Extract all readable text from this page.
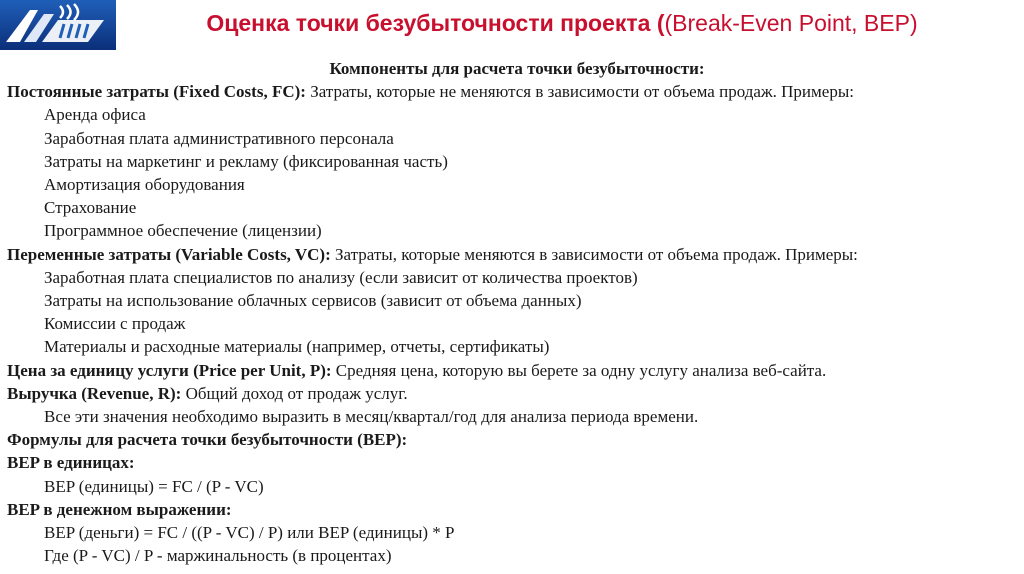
Оценка точки безубыточности проекта ((Break-Even Point, BEP)
Компоненты для расчета точки безубыточности:
Постоянные затраты (Fixed Costs, FC): Затраты, которые не меняются в зависимости от объема продаж. Примеры:
Аренда офиса
Заработная плата административного персонала
Затраты на маркетинг и рекламу (фиксированная часть)
Амортизация оборудования
Страхование
Программное обеспечение (лицензии)
Переменные затраты (Variable Costs, VC): Затраты, которые меняются в зависимости от объема продаж. Примеры:
Заработная плата специалистов по анализу (если зависит от количества проектов)
Затраты на использование облачных сервисов (зависит от объема данных)
Комиссии с продаж
Материалы и расходные материалы (например, отчеты, сертификаты)
Цена за единицу услуги (Price per Unit, P): Средняя цена, которую вы берете за одну услугу анализа веб-сайта.
Выручка (Revenue, R): Общий доход от продаж услуг.
Все эти значения необходимо выразить в месяц/квартал/год для анализа периода времени.
Формулы для расчета точки безубыточности (BEP):
BEP в единицах:
BEP (единицы) = FC / (P - VC)
BEP в денежном выражении:
BEP (деньги) = FC / ((P - VC) / P) или BEP (единицы) * P
Где (P - VC) / P - маржинальность (в процентах)
